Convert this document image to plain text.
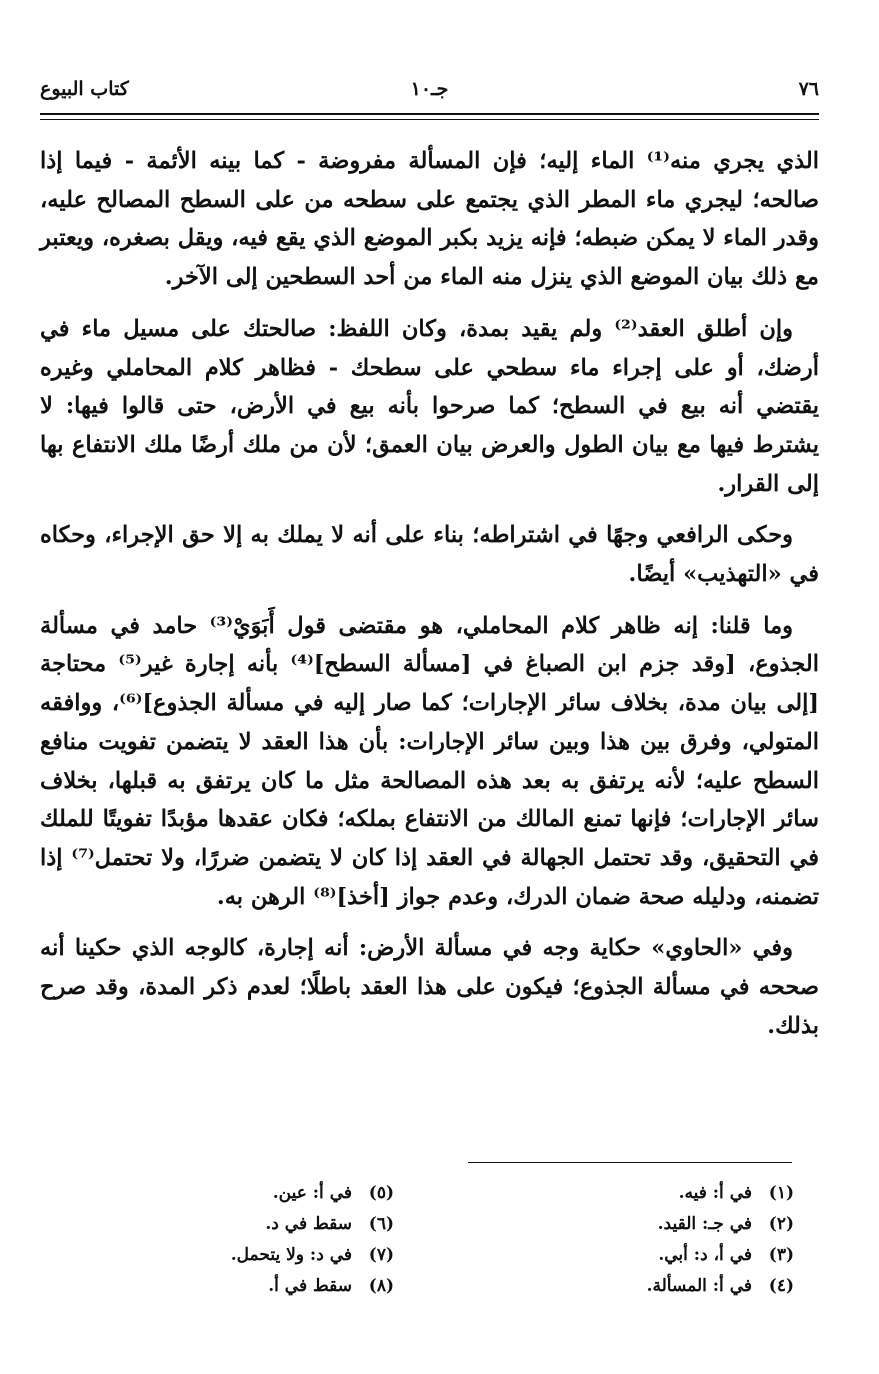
٧٦
جـ١٠
كتاب البيوع

الذي يجري منه⁽¹⁾ الماء إليه؛ فإن المسألة مفروضة - كما بينه الأئمة - فيما إذا صالحه؛ ليجري ماء المطر الذي يجتمع على سطحه من على السطح المصالح عليه، وقدر الماء لا يمكن ضبطه؛ فإنه يزيد بكبر الموضع الذي يقع فيه، ويقل بصغره، ويعتبر مع ذلك بيان الموضع الذي ينزل منه الماء من أحد السطحين إلى الآخر.

وإن أطلق العقد⁽²⁾ ولم يقيد بمدة، وكان اللفظ: صالحتك على مسيل ماء في أرضك، أو على إجراء ماء سطحي على سطحك - فظاهر كلام المحاملي وغيره يقتضي أنه بيع في السطح؛ كما صرحوا بأنه بيع في الأرض، حتى قالوا فيها: لا يشترط فيها مع بيان الطول والعرض بيان العمق؛ لأن من ملك أرضًا ملك الانتفاع بها إلى القرار.

وحكى الرافعي وجهًا في اشتراطه؛ بناء على أنه لا يملك به إلا حق الإجراء، وحكاه في «التهذيب» أيضًا.

وما قلنا: إنه ظاهر كلام المحاملي، هو مقتضى قول أَبَوَيْ⁽³⁾ حامد في مسألة الجذوع، [وقد جزم ابن الصباغ في [مسألة السطح]⁽⁴⁾ بأنه إجارة غير⁽⁵⁾ محتاجة [إلى بيان مدة، بخلاف سائر الإجارات؛ كما صار إليه في مسألة الجذوع]⁽⁶⁾، ووافقه المتولي، وفرق بين هذا وبين سائر الإجارات: بأن هذا العقد لا يتضمن تفويت منافع السطح عليه؛ لأنه يرتفق به بعد هذه المصالحة مثل ما كان يرتفق به قبلها، بخلاف سائر الإجارات؛ فإنها تمنع المالك من الانتفاع بملكه؛ فكان عقدها مؤبدًا تفويتًا للملك في التحقيق، وقد تحتمل الجهالة في العقد إذا كان لا يتضمن ضررًا، ولا تحتمل⁽⁷⁾ إذا تضمنه، ودليله صحة ضمان الدرك، وعدم جواز [أخذ]⁽⁸⁾ الرهن به.

وفي «الحاوي» حكاية وجه في مسألة الأرض: أنه إجارة، كالوجه الذي حكينا أنه صححه في مسألة الجذوع؛ فيكون على هذا العقد باطلًا؛ لعدم ذكر المدة، وقد صرح بذلك.

(١)في أ: فيه.
(٢)في جـ: القيد.
(٣)في أ، د: أبي.
(٤)في أ: المسألة.
(٥)في أ: عين.
(٦)سقط في د.
(٧)في د: ولا يتحمل.
(٨)سقط في أ.
